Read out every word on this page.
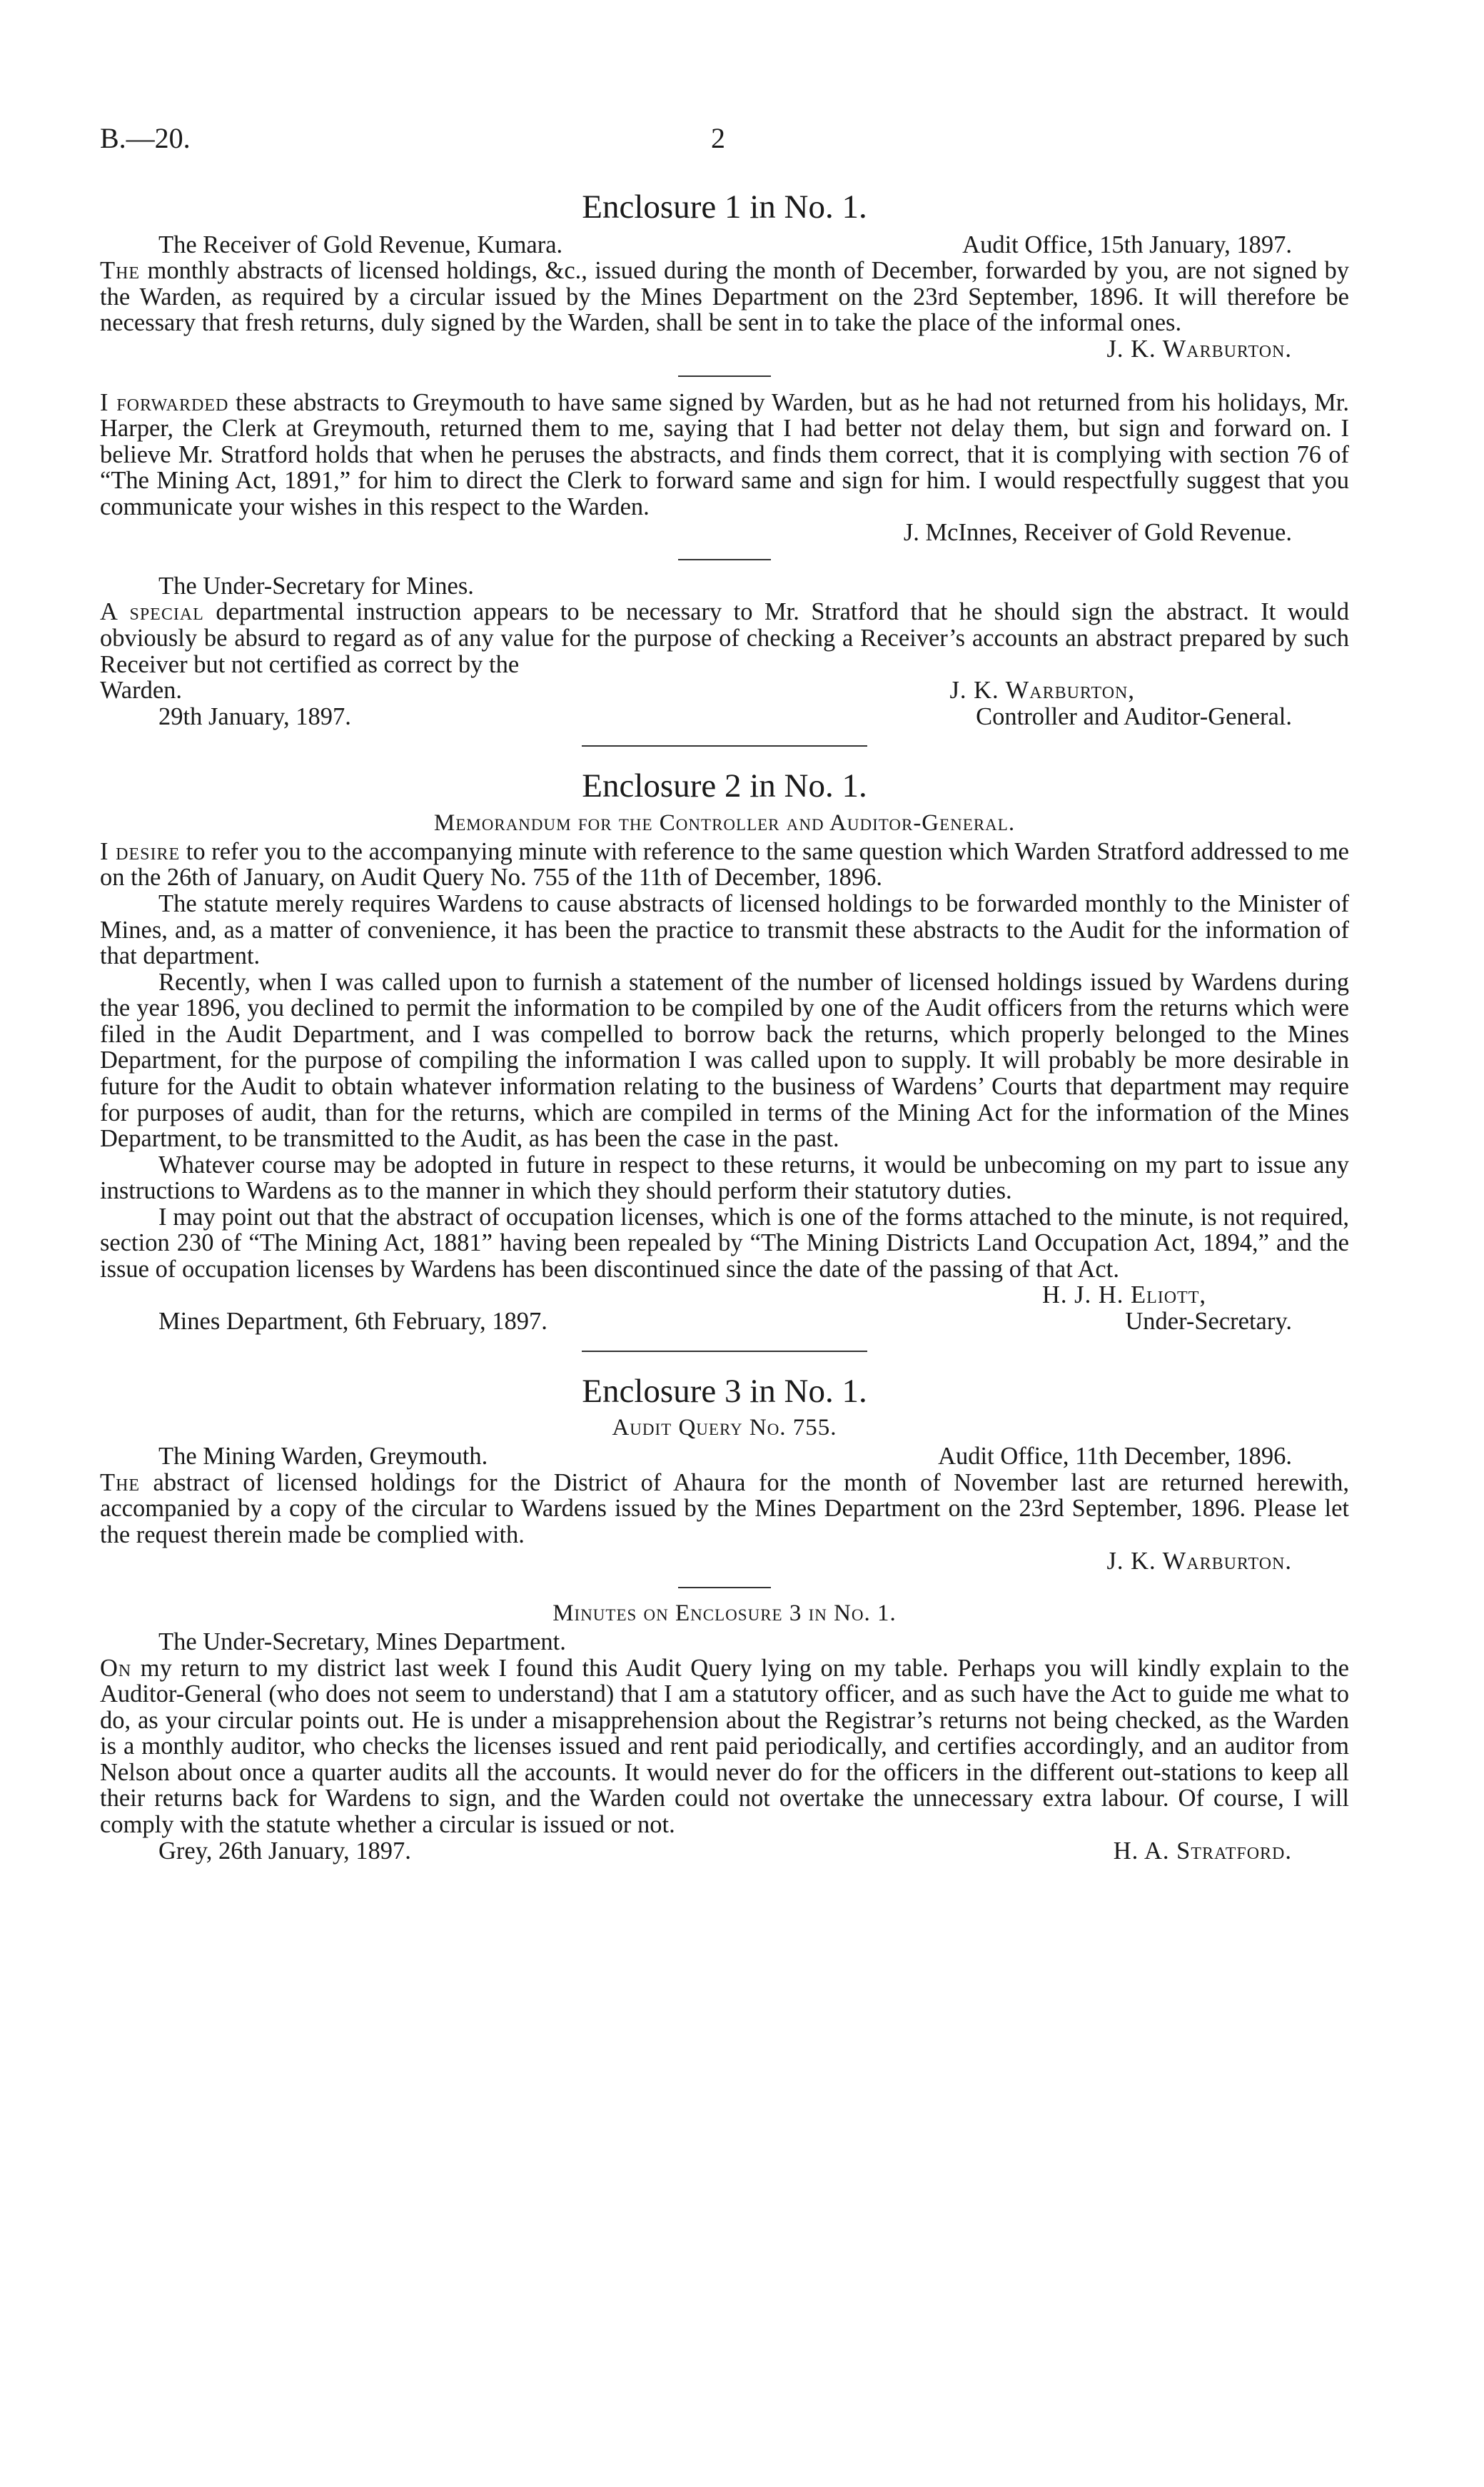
B.—20.	2
Enclosure 1 in No. 1.
The Receiver of Gold Revenue, Kumara.	Audit Office, 15th January, 1897.

The monthly abstracts of licensed holdings, &c., issued during the month of December, forwarded by you, are not signed by the Warden, as required by a circular issued by the Mines Department on the 23rd September, 1896. It will therefore be necessary that fresh returns, duly signed by the Warden, shall be sent in to take the place of the informal ones.

J. K. Warburton.

I forwarded these abstracts to Greymouth to have same signed by Warden, but as he had not returned from his holidays, Mr. Harper, the Clerk at Greymouth, returned them to me, saying that I had better not delay them, but sign and forward on. I believe Mr. Stratford holds that when he peruses the abstracts, and finds them correct, that it is complying with section 76 of “The Mining Act, 1891,” for him to direct the Clerk to forward same and sign for him. I would respectfully suggest that you communicate your wishes in this respect to the Warden.

J. McInnes, Receiver of Gold Revenue.
The Under-Secretary for Mines.

A special departmental instruction appears to be necessary to Mr. Stratford that he should sign the abstract. It would obviously be absurd to regard as of any value for the purpose of checking a Receiver’s accounts an abstract prepared by such Receiver but not certified as correct by the

Warden.	J. K. Warburton,
29th January, 1897.	Controller and Auditor-General.
Enclosure 2 in No. 1.
Memorandum for the Controller and Auditor-General.

I desire to refer you to the accompanying minute with reference to the same question which Warden Stratford addressed to me on the 26th of January, on Audit Query No. 755 of the 11th of December, 1896.

The statute merely requires Wardens to cause abstracts of licensed holdings to be forwarded monthly to the Minister of Mines, and, as a matter of convenience, it has been the practice to transmit these abstracts to the Audit for the information of that department.

Recently, when I was called upon to furnish a statement of the number of licensed holdings issued by Wardens during the year 1896, you declined to permit the information to be compiled by one of the Audit officers from the returns which were filed in the Audit Department, and I was compelled to borrow back the returns, which properly belonged to the Mines Department, for the purpose of compiling the information I was called upon to supply. It will probably be more desirable in future for the Audit to obtain whatever information relating to the business of Wardens’ Courts that department may require for purposes of audit, than for the returns, which are compiled in terms of the Mining Act for the information of the Mines Department, to be transmitted to the Audit, as has been the case in the past.

Whatever course may be adopted in future in respect to these returns, it would be unbecoming on my part to issue any instructions to Wardens as to the manner in which they should perform their statutory duties.

I may point out that the abstract of occupation licenses, which is one of the forms attached to the minute, is not required, section 230 of “The Mining Act, 1881” having been repealed by “The Mining Districts Land Occupation Act, 1894,” and the issue of occupation licenses by Wardens has been discontinued since the date of the passing of that Act.

H. J. H. Eliott,
Mines Department, 6th February, 1897.	Under-Secretary.
Enclosure 3 in No. 1.
Audit Query No. 755.
The Mining Warden, Greymouth.	Audit Office, 11th December, 1896.

The abstract of licensed holdings for the District of Ahaura for the month of November last are returned herewith, accompanied by a copy of the circular to Wardens issued by the Mines Department on the 23rd September, 1896. Please let the request therein made be complied with.

J. K. Warburton.
Minutes on Enclosure 3 in No. 1.
The Under-Secretary, Mines Department.

On my return to my district last week I found this Audit Query lying on my table. Perhaps you will kindly explain to the Auditor-General (who does not seem to understand) that I am a statutory officer, and as such have the Act to guide me what to do, as your circular points out. He is under a misapprehension about the Registrar’s returns not being checked, as the Warden is a monthly auditor, who checks the licenses issued and rent paid periodically, and certifies accordingly, and an auditor from Nelson about once a quarter audits all the accounts. It would never do for the officers in the different out-stations to keep all their returns back for Wardens to sign, and the Warden could not overtake the unnecessary extra labour. Of course, I will comply with the statute whether a circular is issued or not.

Grey, 26th January, 1897.	H. A. Stratford.
